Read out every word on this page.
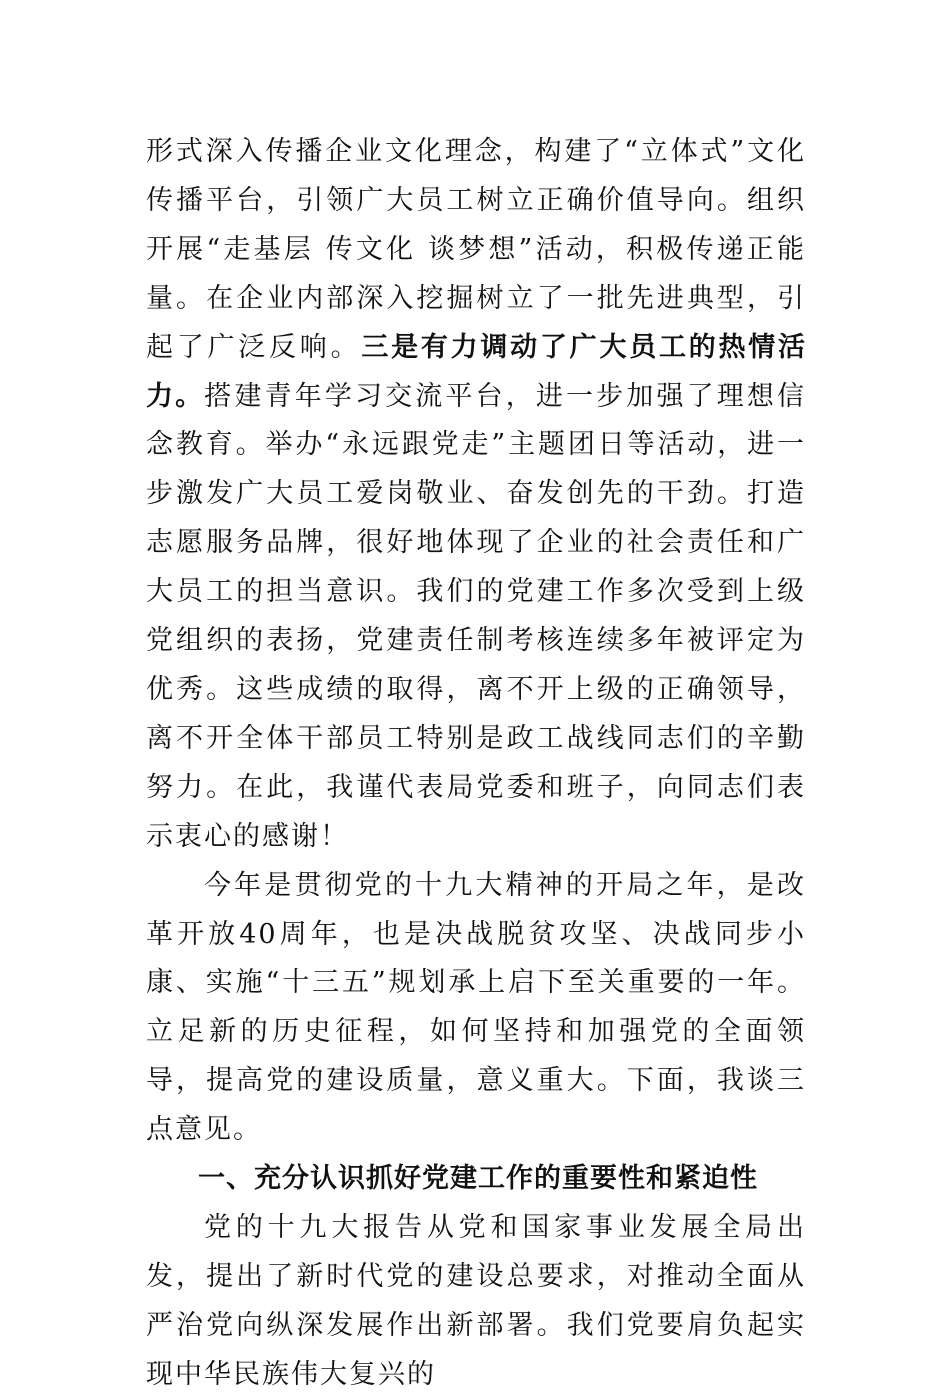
形式深入传播企业文化理念，构建了“立体式”文化传播平台，引领广大员工树立正确价值导向。组织开展“走基层 传文化 谈梦想”活动，积极传递正能量。在企业内部深入挖掘树立了一批先进典型，引起了广泛反响。三是有力调动了广大员工的热情活力。搭建青年学习交流平台，进一步加强了理想信念教育。举办“永远跟党走”主题团日等活动，进一步激发广大员工爱岗敬业、奋发创先的干劲。打造志愿服务品牌，很好地体现了企业的社会责任和广大员工的担当意识。我们的党建工作多次受到上级党组织的表扬，党建责任制考核连续多年被评定为优秀。这些成绩的取得，离不开上级的正确领导，离不开全体干部员工特别是政工战线同志们的辛勤努力。在此，我谨代表局党委和班子，向同志们表示衷心的感谢！

今年是贯彻党的十九大精神的开局之年，是改革开放40周年，也是决战脱贫攻坚、决战同步小康、实施“十三五”规划承上启下至关重要的一年。立足新的历史征程，如何坚持和加强党的全面领导，提高党的建设质量，意义重大。下面，我谈三点意见。

一、充分认识抓好党建工作的重要性和紧迫性

党的十九大报告从党和国家事业发展全局出发，提出了新时代党的建设总要求，对推动全面从严治党向纵深发展作出新部署。我们党要肩负起实现中华民族伟大复兴的
